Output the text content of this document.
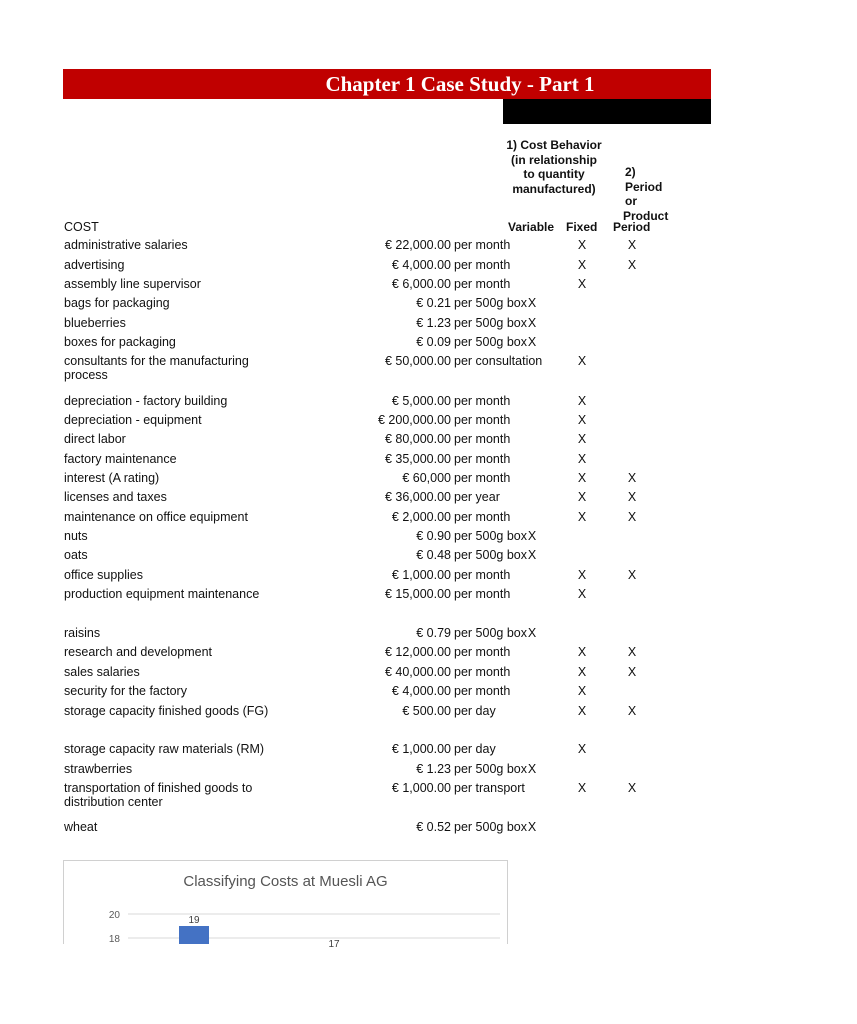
Chapter 1 Case Study - Part 1
1) Cost Behavior
(in relationship
to quantity
manufactured)
2) Period or
Product
COST	Variable Fixed Period
administrative salaries	€ 22,000.00 per month	X	X
advertising	€ 4,000.00 per month	X	X
assembly line supervisor	€ 6,000.00 per month	X
bags for packaging	€ 0.21 per 500g box X
blueberries	€ 1.23 per 500g box X
boxes for packaging	€ 0.09 per 500g box X
consultants for the manufacturing process
€ 50,000.00 per consultation	X
depreciation - factory building	€ 5,000.00 per month	X
depreciation - equipment	€ 200,000.00 per month	X
direct labor	€ 80,000.00 per month	X
factory maintenance	€ 35,000.00 per month	X
interest (A rating)	€ 60,000 per month	X	X
licenses and taxes	€ 36,000.00 per year	X	X
maintenance on office equipment	€ 2,000.00 per month	X	X
nuts	€ 0.90 per 500g box X
oats	€ 0.48 per 500g box X
office supplies	€ 1,000.00 per month	X	X
production equipment maintenance	€ 15,000.00 per month	X
raisins	€ 0.79 per 500g box X
research and development	€ 12,000.00 per month	X	X
sales salaries	€ 40,000.00 per month	X	X
security for the factory	€ 4,000.00 per month	X
storage capacity finished goods (FG)	€ 500.00 per day	X	X
storage capacity raw materials (RM)	€ 1,000.00 per day	X
strawberries	€ 1.23 per 500g box X
transportation of finished goods to distribution center
€ 1,000.00 per transport	X	X
wheat	€ 0.52 per 500g box X
Classifying Costs at Muesli AG
18
20	19
17
